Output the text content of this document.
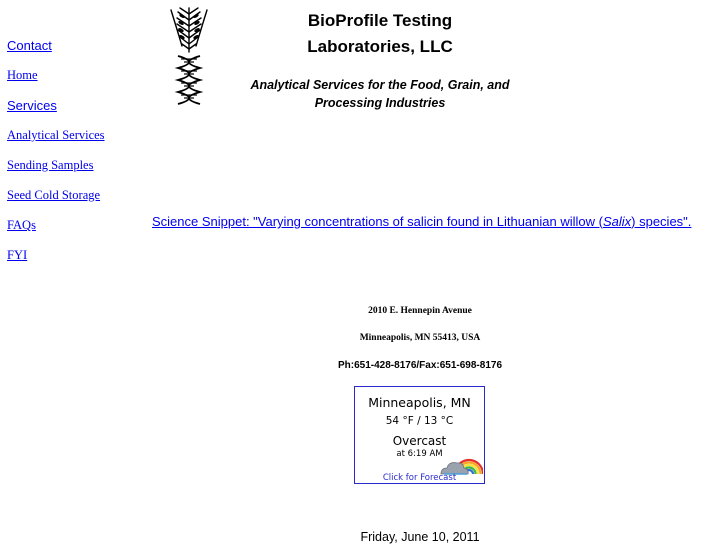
Contact
Home
Services
Analytical Services
Sending Samples
Seed Cold Storage
FAQs
FYI
BioProfile Testing
Laboratories, LLC
Analytical Services for the Food, Grain, and
Processing Industries
Science Snippet: "Varying concentrations of salicin found in Lithuanian willow (Salix) species".
2010 E. Hennepin Avenue
Minneapolis, MN 55413, USA
Ph:651-428-8176/Fax:651-698-8176
Minneapolis, MN
54 °F / 13 °C
Overcast
at 6:19 AM
Click for Forecast
Friday, June 10, 2011
